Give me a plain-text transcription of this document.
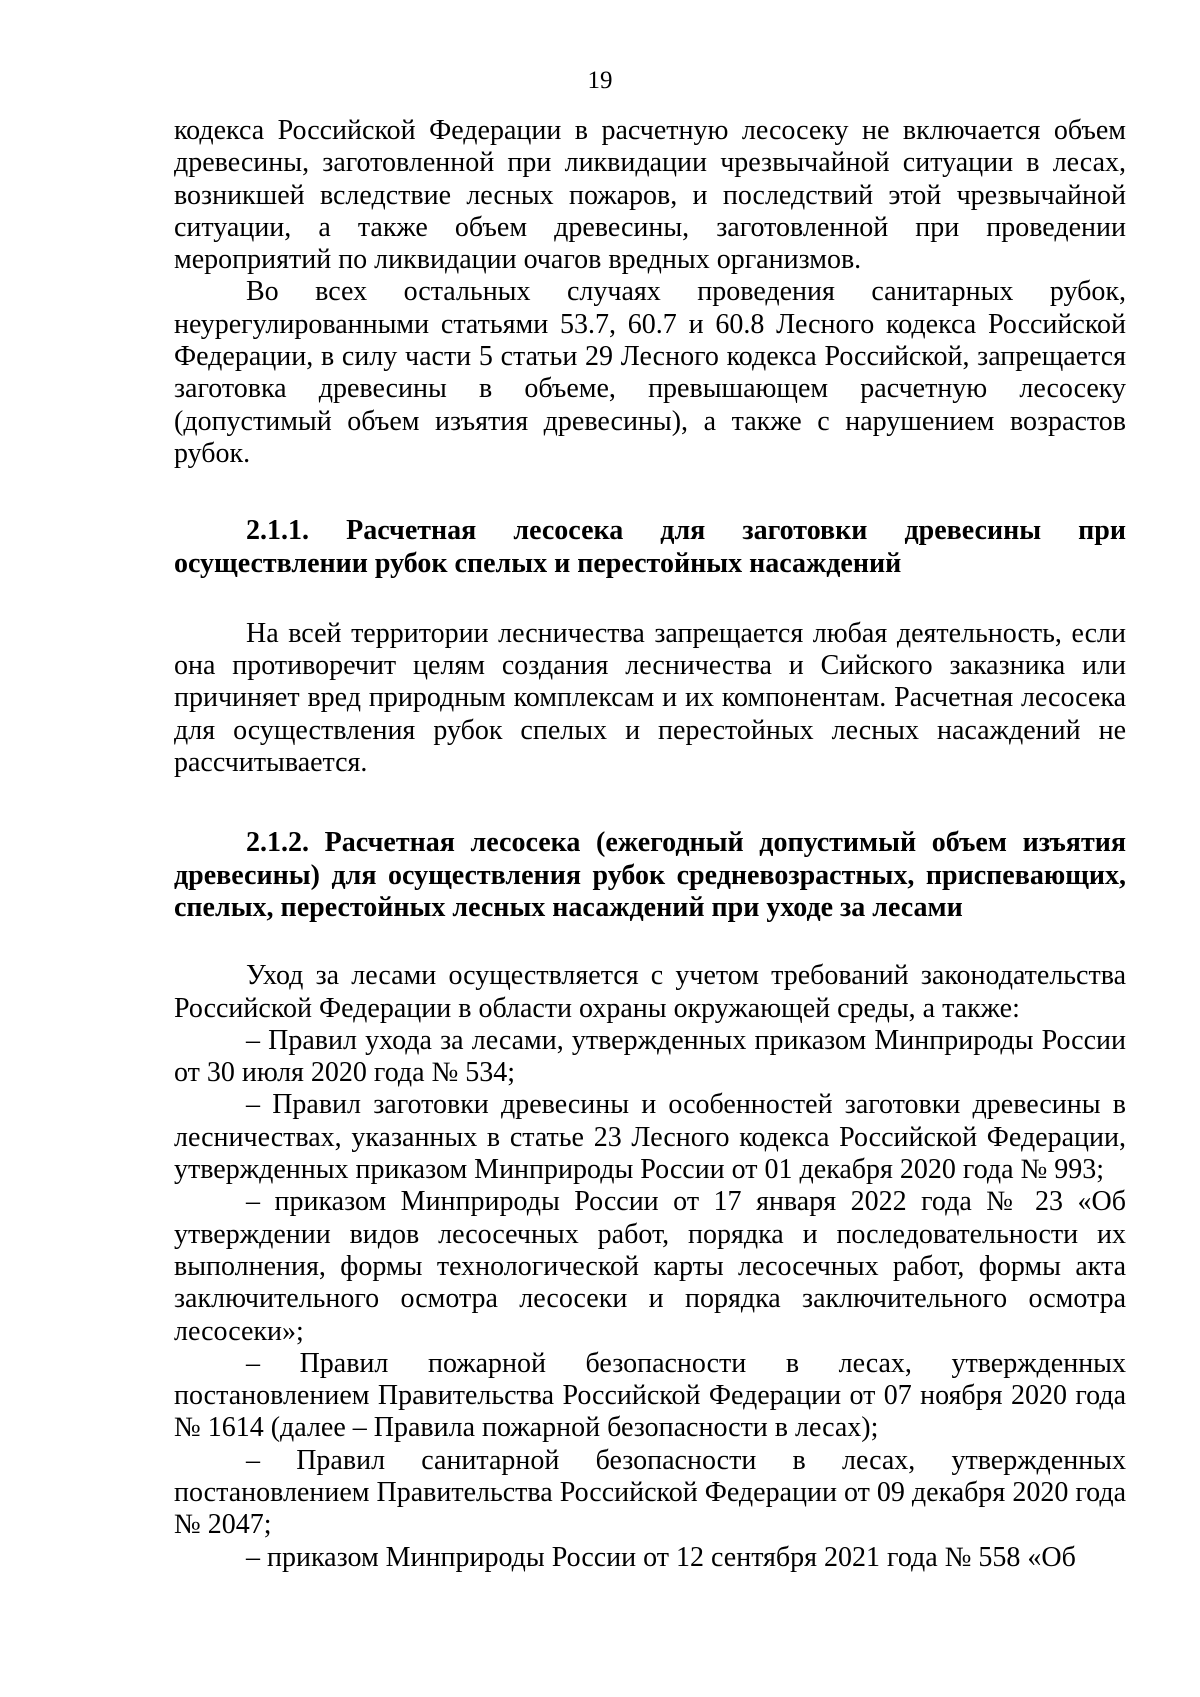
19

кодекса Российской Федерации в расчетную лесосеку не включается объем древесины, заготовленной при ликвидации чрезвычайной ситуации в лесах, возникшей вследствие лесных пожаров, и последствий этой чрезвычайной ситуации, а также объем древесины, заготовленной при проведении мероприятий по ликвидации очагов вредных организмов.

Во всех остальных случаях проведения санитарных рубок, неурегулированными статьями 53.7, 60.7 и 60.8 Лесного кодекса Российской Федерации, в силу части 5 статьи 29 Лесного кодекса Российской, запрещается заготовка древесины в объеме, превышающем расчетную лесосеку (допустимый объем изъятия древесины), а также с нарушением возрастов рубок.

2.1.1. Расчетная лесосека для заготовки древесины при осуществлении рубок спелых и перестойных насаждений

На всей территории лесничества запрещается любая деятельность, если она противоречит целям создания лесничества и Сийского заказника или причиняет вред природным комплексам и их компонентам. Расчетная лесосека для осуществления рубок спелых и перестойных лесных насаждений не рассчитывается.

2.1.2. Расчетная лесосека (ежегодный допустимый объем изъятия древесины) для осуществления рубок средневозрастных, приспевающих, спелых, перестойных лесных насаждений при уходе за лесами

Уход за лесами осуществляется с учетом требований законодательства Российской Федерации в области охраны окружающей среды, а также:

– Правил ухода за лесами, утвержденных приказом Минприроды России от 30 июля 2020 года № 534;

– Правил заготовки древесины и особенностей заготовки древесины в лесничествах, указанных в статье 23 Лесного кодекса Российской Федерации, утвержденных приказом Минприроды России от 01 декабря 2020 года № 993;

– приказом Минприроды России от 17 января 2022 года № 23 «Об утверждении видов лесосечных работ, порядка и последовательности их выполнения, формы технологической карты лесосечных работ, формы акта заключительного осмотра лесосеки и порядка заключительного осмотра лесосеки»;

– Правил пожарной безопасности в лесах, утвержденных постановлением Правительства Российской Федерации от 07 ноября 2020 года № 1614 (далее – Правила пожарной безопасности в лесах);

– Правил санитарной безопасности в лесах, утвержденных постановлением Правительства Российской Федерации от 09 декабря 2020 года № 2047;

– приказом Минприроды России от 12 сентября 2021 года № 558 «Об
